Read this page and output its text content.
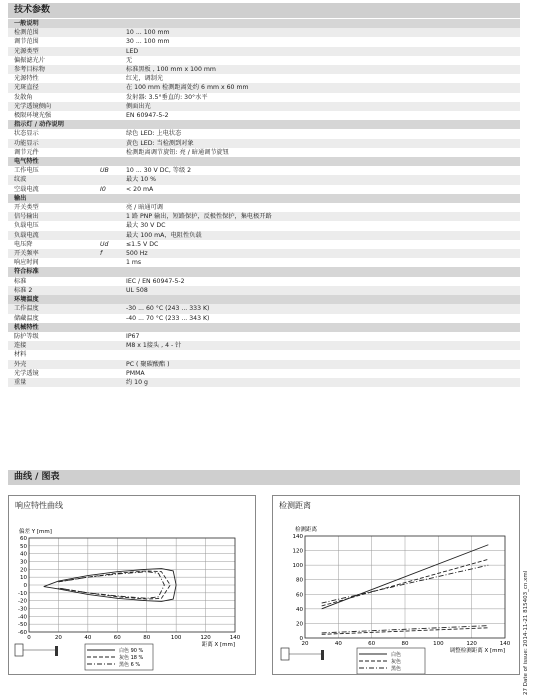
技术参数
一般说明		
检测范围		10 ... 100 mm
调节范围		30 ... 100 mm
光源类型		LED
偏振滤光片		无
参考目标物		标准黑板 , 100 mm x 100 mm
光源特性		红光，调制光
光斑直径		在 100 mm 检测距离处约 6 mm x 60 mm
发散角		发射器: 3.5°垂直的: 30°水平
光学透镜侧向		侧面出光
极限环境光强		EN 60947-5-2
指示灯 / 动作说明		
状态显示		绿色 LED: 上电状态
功能显示		黄色 LED: 当检测到对象
调节元件		检测距离调节旋钮: 亮 / 暗通调节旋钮
电气特性		
工作电压	UB	10 ... 30 V DC, 等级 2
纹波		最大 10 %
空载电流	I0	< 20 mA
输出		
开关类型		亮 / 暗通可调
信号输出		1 路 PNP 输出，短路保护，反极性保护，集电极开路
负载电压		最大 30 V DC
负载电流		最大 100 mA，电阻性负载
电压降	Ud	≤1.5 V DC
开关频率	f	500 Hz
响应时间		1 ms
符合标准		
标准		IEC / EN 60947-5-2
标准 2		UL 508
环境温度		
工作温度		-30 ... 60 °C (243 ... 333 K)
储藏温度		-40 ... 70 °C (233 ... 343 K)
机械特性		
防护等级		IP67
连接		M8 x 1接头 , 4 - 针
材料		
外壳		PC ( 聚碳酸酯 )
光学透镜		PMMA
重量		约 10 g
曲线 / 图表
响应特性曲线
0	20	40	60	80	100	120	140
-60
-50
-40
-30
-20
-10
0
10
20
30
40
50
60
偏差 Y [mm]
距离 X [mm]
白色 90 %
灰色 18 %
黑色 6 %
检测距离
20	40	60	80	100	120	140
0
20
40
60
80
100
120
140
检测距离
调整检测距离 X [mm]
白色
灰色
黑色	27 Date of issue: 2014-11-21 815403_cn.xml
